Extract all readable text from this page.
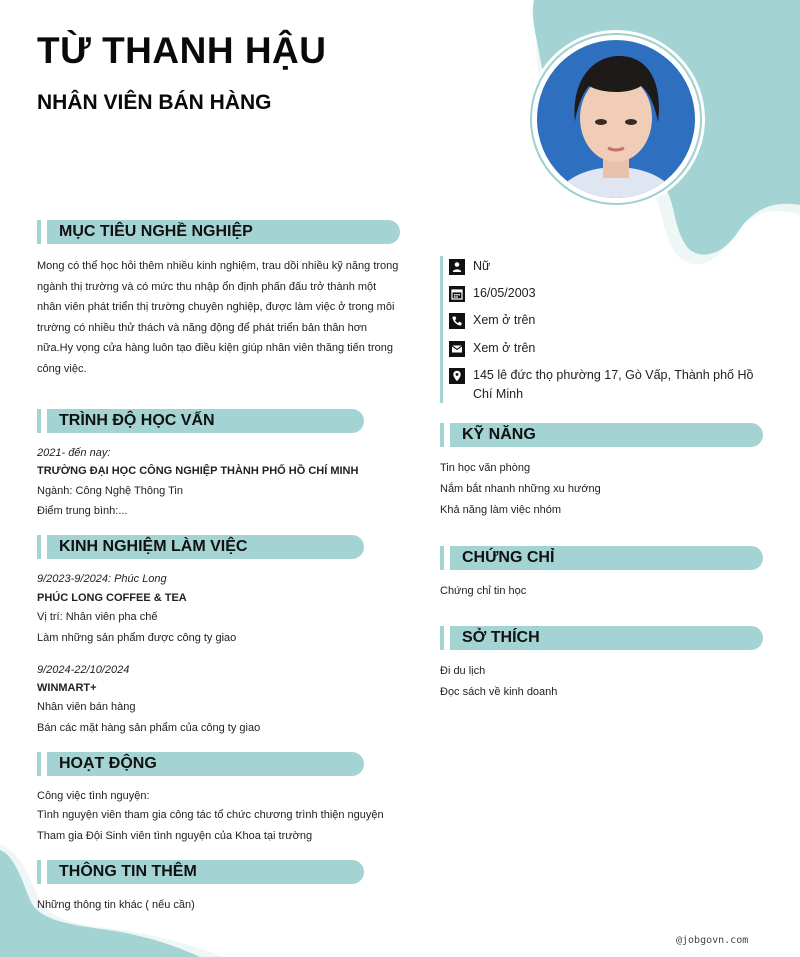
TỪ THANH HẬU
NHÂN VIÊN BÁN HÀNG
MỤC TIÊU NGHỀ NGHIỆP
Mong có thể học hỏi thêm nhiều kinh nghiệm, trau dồi nhiều kỹ năng trong ngành thị trường và có mức thu nhập ổn định phấn đấu trở thành một nhân viên phát triển thị trường chuyên nghiệp, được làm việc ở trong môi trường có nhiều thử thách và năng động để phát triển bản thân hơn nữa.Hy vọng cửa hàng luôn tạo điều kiện giúp nhân viên thăng tiến trong công việc.
TRÌNH ĐỘ HỌC VẤN
2021- đến nay:
TRƯỜNG ĐẠI HỌC CÔNG NGHIỆP THÀNH PHỐ HỒ CHÍ MINH
Ngành: Công Nghệ Thông Tin
Điểm trung bình:...
KINH NGHIỆM LÀM VIỆC
9/2023-9/2024: Phúc Long
PHÚC LONG COFFEE & TEA
Vị trí: Nhân viên pha chế
Làm những sản phẩm được công ty giao
9/2024-22/10/2024
WINMART+
Nhân viên bán hàng
Bán các mặt hàng sản phẩm của công ty giao
HOẠT ĐỘNG
Công việc tình nguyện:
Tình nguyện viên tham gia công tác tổ chức chương trình thiện nguyện
Tham gia Đội Sinh viên tình nguyện của Khoa tại trường
THÔNG TIN THÊM
Những thông tin khác ( nếu cần)
Nữ
16/05/2003
Xem ở trên
Xem ở trên
145 lê đức thọ phường 17, Gò Vấp, Thành phố Hồ
Chí Minh
KỸ NĂNG
Tin học văn phòng
Nắm bắt nhanh những xu hướng
Khả năng làm việc nhóm
CHỨNG CHỈ
Chứng chỉ tin học
SỞ THÍCH
Đi du lịch
Đọc sách về kinh doanh
@jobgovn.com
